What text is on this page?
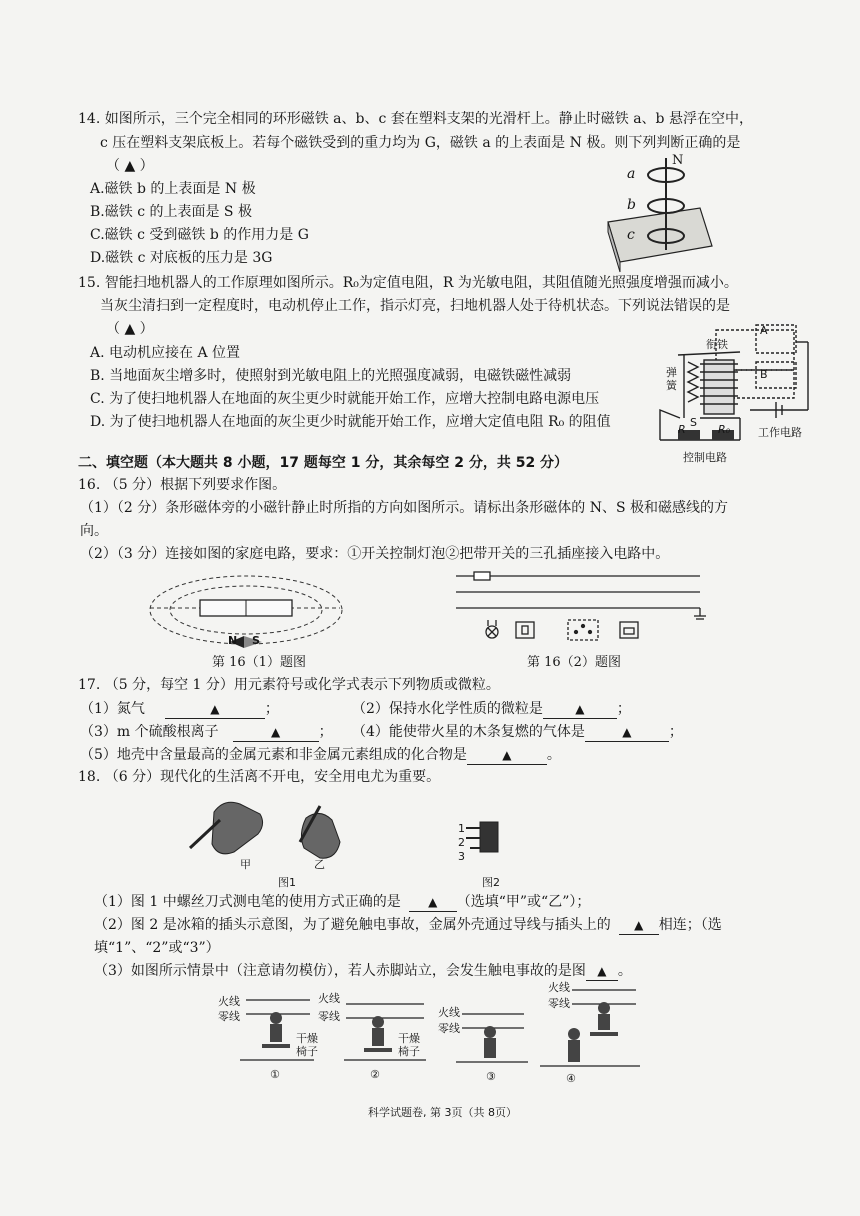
14. 如图所示，三个完全相同的环形磁铁 a、b、c 套在塑料支架的光滑杆上。静止时磁铁 a、b 悬浮在空中，
c 压在塑料支架底板上。若每个磁铁受到的重力均为 G，磁铁 a 的上表面是 N 极。则下列判断正确的是
（ ▲ ）
A.磁铁 b 的上表面是 N 极
B.磁铁 c 的上表面是 S 极
C.磁铁 c 受到磁铁 b 的作用力是 G
D.磁铁 c 对底板的压力是 3G
N
a
b
c
15. 智能扫地机器人的工作原理如图所示。R₀为定值电阻，R 为光敏电阻，其阻值随光照强度增强而减小。
当灰尘清扫到一定程度时，电动机停止工作，指示灯亮，扫地机器人处于待机状态。下列说法错误的是
（ ▲ ）
A. 电动机应接在 A 位置
B. 当地面灰尘增多时，使照射到光敏电阻上的光照强度减弱，电磁铁磁性减弱
C. 为了使扫地机器人在地面的灰尘更少时就能开始工作，应增大控制电路电源电压
D. 为了使扫地机器人在地面的灰尘更少时就能开始工作，应增大定值电阻 R₀ 的阻值
衔铁
A
B
弹簧
S
R	R₀	工作电路
控制电路
二、填空题（本大题共 8 小题，17 题每空 1 分，其余每空 2 分，共 52 分）
16. （5 分）根据下列要求作图。
（1）（2 分）条形磁体旁的小磁针静止时所指的方向如图所示。请标出条形磁体的 N、S 极和磁感线的方
向。
（2）（3 分）连接如图的家庭电路，要求：①开关控制灯泡②把带开关的三孔插座接入电路中。
N S
第 16（1）题图	第 16（2）题图
17. （5 分，每空 1 分）用元素符号或化学式表示下列物质或微粒。
（1）氮气	▲	；	（2）保持水化学性质的微粒是	▲ ；
（3）m 个硫酸根离子	▲	； （4）能使带火星的木条复燃的气体是	▲	；
（5）地壳中含量最高的金属元素和非金属元素组成的化合物是	▲	。
18. （6 分）现代化的生活离不开电，安全用电尤为重要。
甲	乙
图1
1
2
3
图2
（1）图 1 中螺丝刀式测电笔的使用方式正确的是 ▲ （选填“甲”或“乙”）；
（2）图 2 是冰箱的插头示意图，为了避免触电事故，金属外壳通过导线与插头上的 ▲ 相连；（选
填“1”、“2”或“3”）
（3）如图所示情景中（注意请勿模仿），若人赤脚站立，会发生触电事故的是图 ▲ 。
火线
零线
干燥
椅子
①
火线
零线
干燥
椅子
②
火线
零线
③
火线
零线
④
科学试题卷, 第 3页（共 8页）
